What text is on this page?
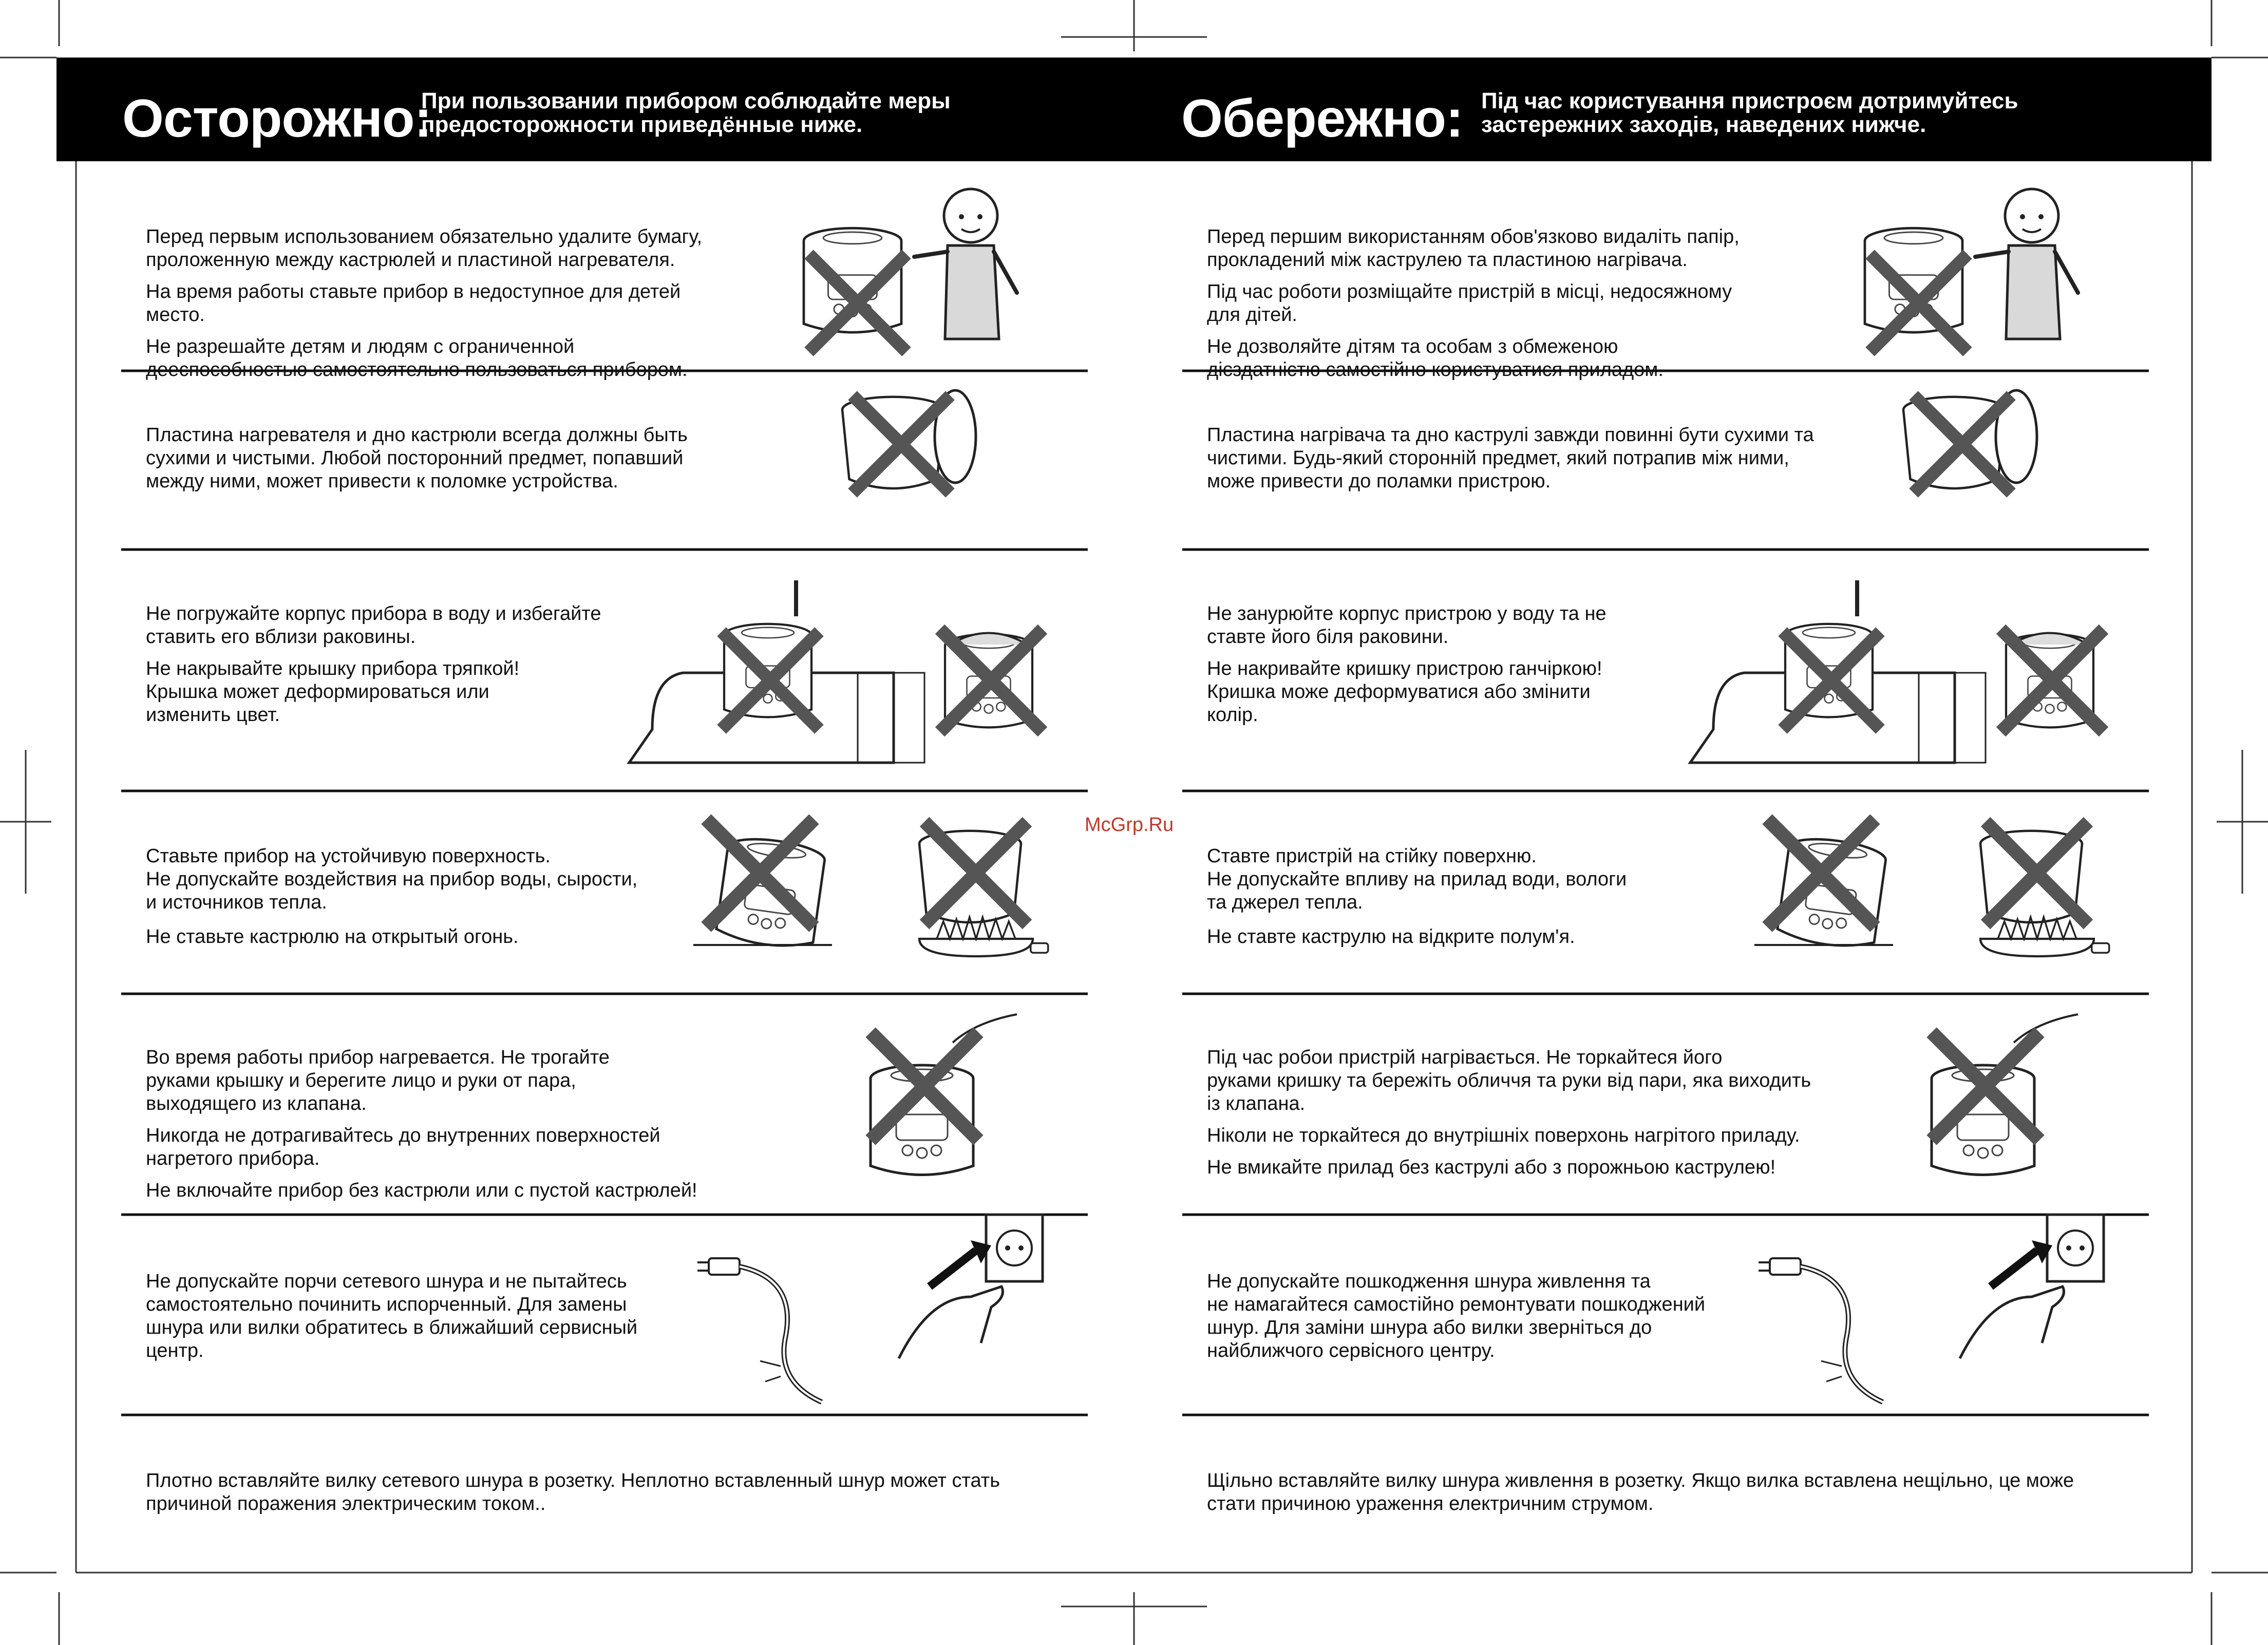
Осторожно:
При пользовании прибором соблюдайте меры
предосторожности приведённые ниже.	Обережно: Під час користування пристроєм дотримуйтесь
застережних заходів, наведених нижче.

Перед первым использованием обязательно удалите бумагу,
проложенную между кастрюлей и пластиной нагревателя.

На время работы ставьте прибор в недоступное для детей
место.

Не разрешайте детям и людям с ограниченной
дееспособностью самостоятельно пользоваться прибором.

Пластина нагревателя и дно кастрюли всегда должны быть
сухими и чистыми. Любой посторонний предмет, попавший
между ними, может привести к поломке устройства.

Не погружайте корпус прибора в воду и избегайте
ставить его вблизи раковины.

Не накрывайте крышку прибора тряпкой!
Крышка может деформироваться или
изменить цвет.

Ставьте прибор на устойчивую поверхность.
Не допускайте воздействия на прибор воды, сырости,
и источников тепла.

Не ставьте кастрюлю на открытый огонь.

Во время работы прибор нагревается. Не трогайте
руками крышку и берегите лицо и руки от пара,
выходящего из клапана.

Никогда не дотрагивайтесь до внутренних поверхностей
нагретого прибора.

Не включайте прибор без кастрюли или с пустой кастрюлей!

Не допускайте порчи сетевого шнура и не пытайтесь
самостоятельно починить испорченный. Для замены
шнура или вилки обратитесь в ближайший сервисный
центр.

Плотно вставляйте вилку сетевого шнура в розетку. Неплотно вставленный шнур может стать
причиной поражения электрическим током..

Перед першим використанням обов'язково видаліть папір,
прокладений між каструлею та пластиною нагрівача.

Під час роботи розміщайте пристрій в місці, недосяжному
для дітей.

Не дозволяйте дітям та особам з обмеженою
дієздатністю самостійно користуватися приладом.

Пластина нагрівача та дно каструлі завжди повинні бути сухими та
чистими. Будь-який сторонній предмет, який потрапив між ними,
може привести до поламки пристрою.

Не занурюйте корпус пристрою у воду та не
ставте його біля раковини.

Не накривайте кришку пристрою ганчіркою!
Кришка може деформуватися або змінити
колір.

Ставте пристрій на стійку поверхню.
Не допускайте впливу на прилад води, вологи
та джерел тепла.

Не ставте каструлю на відкрите полум'я.

Під час робои пристрій нагрівається. Не торкайтеся його
руками кришку та бережіть обличчя та руки від пари, яка виходить
із клапана.

Ніколи не торкайтеся до внутрішніх поверхонь нагрітого приладу.

Не вмикайте прилад без каструлі або з порожньою каструлею!

Не допускайте пошкодження шнура живлення та
не намагайтеся самостійно ремонтувати пошкоджений
шнур. Для заміни шнура або вилки зверніться до
найближчого сервісного центру.

Щільно вставляйте вилку шнура живлення в розетку. Якщо вилка вставлена нещільно, це може
стати причиною ураження електричним струмом.

McGrp.Ru
